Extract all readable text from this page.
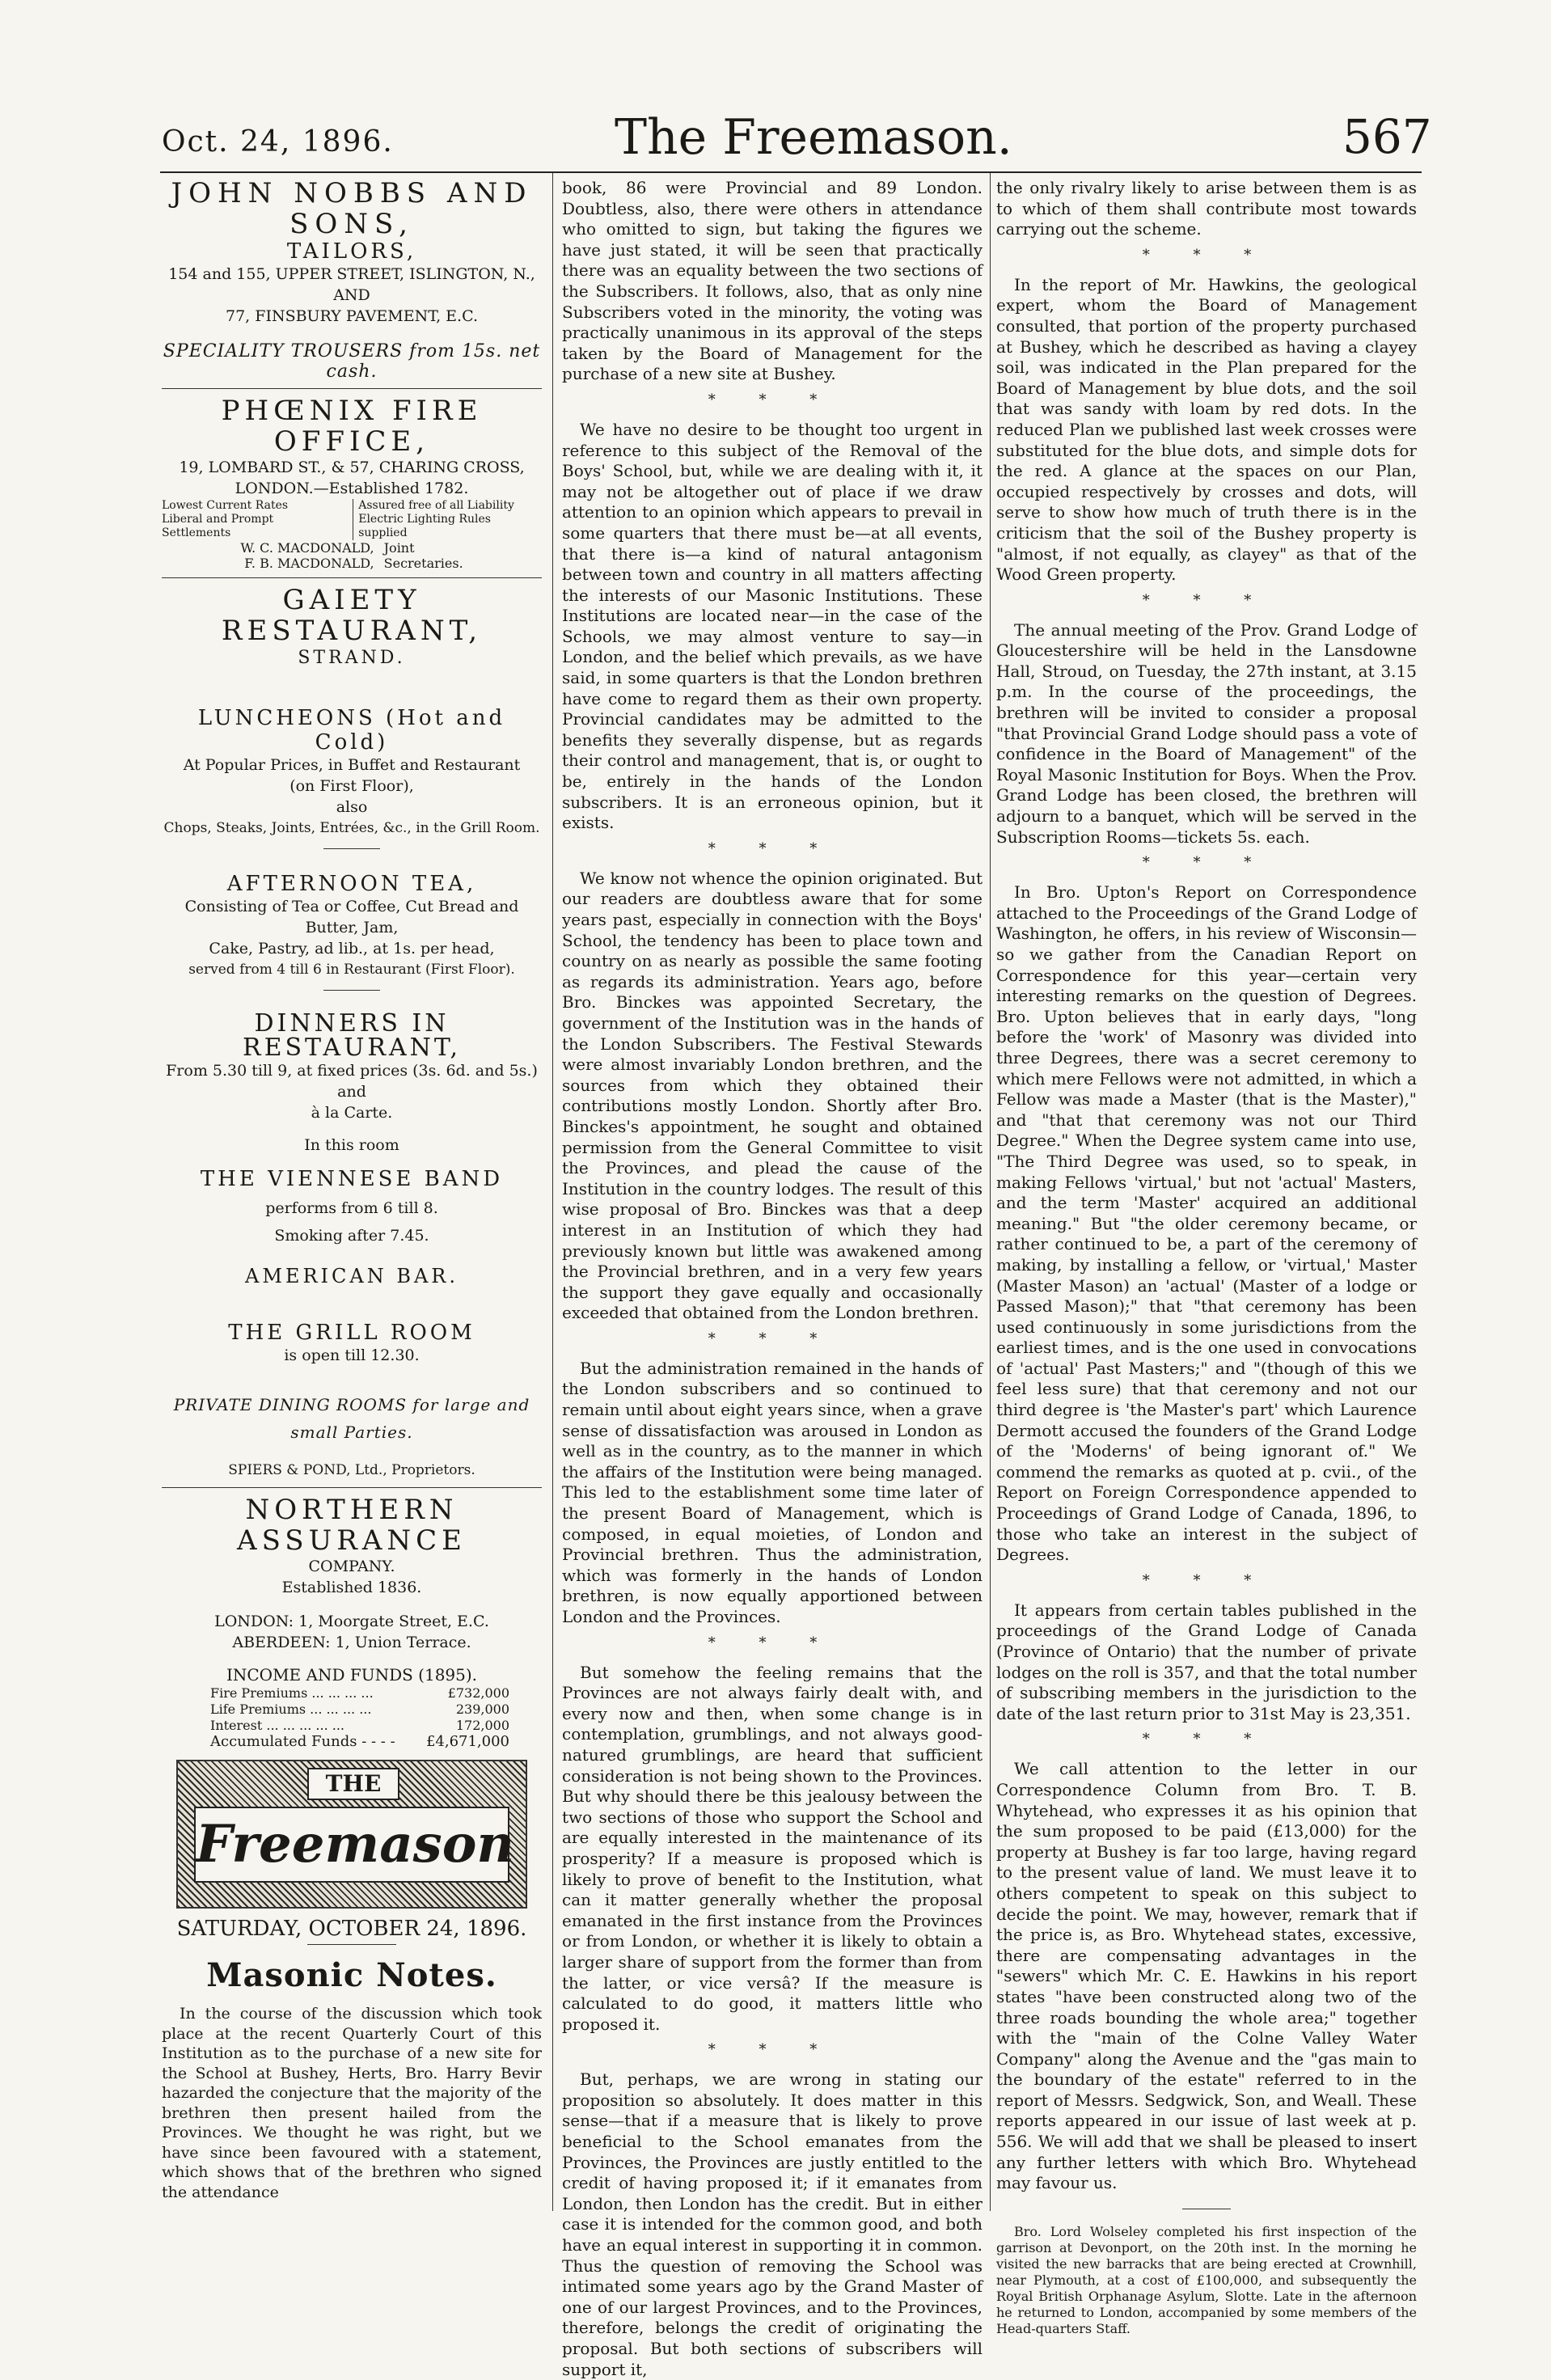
Oct. 24, 1896.	The Freemason.	567
JOHN NOBBS AND SONS,
TAILORS,
154 and 155, UPPER STREET, ISLINGTON, N.,
AND
77, FINSBURY PAVEMENT, E.C.
SPECIALITY TROUSERS from 15s. net cash.
PHŒNIX FIRE OFFICE,
19, LOMBARD ST., & 57, CHARING CROSS,
LONDON.—Established 1782.
Lowest Current Rates
Liberal and Prompt Settlements
Assured free of all Liability
Electric Lighting Rules supplied
W. C. MACDONALD,
F. B. MACDONALD,
Joint
Secretaries.
GAIETY RESTAURANT,
STRAND.
LUNCHEONS (Hot and Cold)
At Popular Prices, in Buffet and Restaurant
(on First Floor),
also
Chops, Steaks, Joints, Entrées, &c., in the Grill Room.
AFTERNOON TEA,
Consisting of Tea or Coffee, Cut Bread and Butter, Jam,
Cake, Pastry, ad lib., at 1s. per head,
served from 4 till 6 in Restaurant (First Floor).
DINNERS IN RESTAURANT,
From 5.30 till 9, at fixed prices (3s. 6d. and 5s.) and
à la Carte.
In this room
THE VIENNESE BAND
performs from 6 till 8.
Smoking after 7.45.
AMERICAN BAR.
THE GRILL ROOM
is open till 12.30.
PRIVATE DINING ROOMS for large and
small Parties.
SPIERS & POND, Ltd., Proprietors.
NORTHERN ASSURANCE
COMPANY.
Established 1836.
LONDON: 1, Moorgate Street, E.C.
ABERDEEN: 1, Union Terrace.
INCOME AND FUNDS (1895).
Fire Premiums ... ... ... ...	£732,000
Life Premiums ... ... ... ...	239,000
Interest ... ... ... ... ...	172,000
Accumulated Funds - - - - £4,671,000
THE
Freemason
SATURDAY, OCTOBER 24, 1896.
Masonic Notes.

In the course of the discussion which took place at the recent Quarterly Court of this Institution as to the purchase of a new site for the School at Bushey, Herts, Bro. Harry Bevir hazarded the conjecture that the majority of the brethren then present hailed from the Provinces. We thought he was right, but we have since been favoured with a statement, which shows that of the brethren who signed the attendance

book, 86 were Provincial and 89 London. Doubtless, also, there were others in attendance who omitted to sign, but taking the figures we have just stated, it will be seen that practically there was an equality between the two sections of the Subscribers. It follows, also, that as only nine Subscribers voted in the minority, the voting was practically unanimous in its approval of the steps taken by the Board of Management for the purchase of a new site at Bushey.

* * *

We have no desire to be thought too urgent in reference to this subject of the Removal of the Boys' School, but, while we are dealing with it, it may not be altogether out of place if we draw attention to an opinion which appears to prevail in some quarters that there must be—at all events, that there is—a kind of natural antagonism between town and country in all matters affecting the interests of our Masonic Institutions. These Institutions are located near—in the case of the Schools, we may almost venture to say—in London, and the belief which prevails, as we have said, in some quarters is that the London brethren have come to regard them as their own property. Provincial candidates may be admitted to the benefits they severally dispense, but as regards their control and management, that is, or ought to be, entirely in the hands of the London subscribers. It is an erroneous opinion, but it exists.

* * *

We know not whence the opinion originated. But our readers are doubtless aware that for some years past, especially in connection with the Boys' School, the tendency has been to place town and country on as nearly as possible the same footing as regards its administration. Years ago, before Bro. Binckes was appointed Secretary, the government of the Institution was in the hands of the London Subscribers. The Festival Stewards were almost invariably London brethren, and the sources from which they obtained their contributions mostly London. Shortly after Bro. Binckes's appointment, he sought and obtained permission from the General Committee to visit the Provinces, and plead the cause of the Institution in the country lodges. The result of this wise proposal of Bro. Binckes was that a deep interest in an Institution of which they had previously known but little was awakened among the Provincial brethren, and in a very few years the support they gave equally and occasionally exceeded that obtained from the London brethren.

* * *

But the administration remained in the hands of the London subscribers and so continued to remain until about eight years since, when a grave sense of dissatisfaction was aroused in London as well as in the country, as to the manner in which the affairs of the Institution were being managed. This led to the establishment some time later of the present Board of Management, which is composed, in equal moieties, of London and Provincial brethren. Thus the administration, which was formerly in the hands of London brethren, is now equally apportioned between London and the Provinces.

* * *

But somehow the feeling remains that the Provinces are not always fairly dealt with, and every now and then, when some change is in contemplation, grumblings, and not always good-natured grumblings, are heard that sufficient consideration is not being shown to the Provinces. But why should there be this jealousy between the two sections of those who support the School and are equally interested in the maintenance of its prosperity? If a measure is proposed which is likely to prove of benefit to the Institution, what can it matter generally whether the proposal emanated in the first instance from the Provinces or from London, or whether it is likely to obtain a larger share of support from the former than from the latter, or vice versâ? If the measure is calculated to do good, it matters little who proposed it.

* * *

But, perhaps, we are wrong in stating our proposition so absolutely. It does matter in this sense—that if a measure that is likely to prove beneficial to the School emanates from the Provinces, the Provinces are justly entitled to the credit of having proposed it; if it emanates from London, then London has the credit. But in either case it is intended for the common good, and both have an equal interest in supporting it in common. Thus the question of removing the School was intimated some years ago by the Grand Master of one of our largest Provinces, and to the Provinces, therefore, belongs the credit of originating the proposal. But both sections of subscribers will support it,

the only rivalry likely to arise between them is as to which of them shall contribute most towards carrying out the scheme.

* * *

In the report of Mr. Hawkins, the geological expert, whom the Board of Management consulted, that portion of the property purchased at Bushey, which he described as having a clayey soil, was indicated in the Plan prepared for the Board of Management by blue dots, and the soil that was sandy with loam by red dots. In the reduced Plan we published last week crosses were substituted for the blue dots, and simple dots for the red. A glance at the spaces on our Plan, occupied respectively by crosses and dots, will serve to show how much of truth there is in the criticism that the soil of the Bushey property is "almost, if not equally, as clayey" as that of the Wood Green property.

* * *

The annual meeting of the Prov. Grand Lodge of Gloucestershire will be held in the Lansdowne Hall, Stroud, on Tuesday, the 27th instant, at 3.15 p.m. In the course of the proceedings, the brethren will be invited to consider a proposal "that Provincial Grand Lodge should pass a vote of confidence in the Board of Management" of the Royal Masonic Institution for Boys. When the Prov. Grand Lodge has been closed, the brethren will adjourn to a banquet, which will be served in the Subscription Rooms—tickets 5s. each.

* * *

In Bro. Upton's Report on Correspondence attached to the Proceedings of the Grand Lodge of Washington, he offers, in his review of Wisconsin—so we gather from the Canadian Report on Correspondence for this year—certain very interesting remarks on the question of Degrees. Bro. Upton believes that in early days, "long before the 'work' of Masonry was divided into three Degrees, there was a secret ceremony to which mere Fellows were not admitted, in which a Fellow was made a Master (that is the Master)," and "that that ceremony was not our Third Degree." When the Degree system came into use, "The Third Degree was used, so to speak, in making Fellows 'virtual,' but not 'actual' Masters, and the term 'Master' acquired an additional meaning." But "the older ceremony became, or rather continued to be, a part of the ceremony of making, by installing a fellow, or 'virtual,' Master (Master Mason) an 'actual' (Master of a lodge or Passed Mason);" that "that ceremony has been used continuously in some jurisdictions from the earliest times, and is the one used in convocations of 'actual' Past Masters;" and "(though of this we feel less sure) that that ceremony and not our third degree is 'the Master's part' which Laurence Dermott accused the founders of the Grand Lodge of the 'Moderns' of being ignorant of." We commend the remarks as quoted at p. cvii., of the Report on Foreign Correspondence appended to Proceedings of Grand Lodge of Canada, 1896, to those who take an interest in the subject of Degrees.

* * *

It appears from certain tables published in the proceedings of the Grand Lodge of Canada (Province of Ontario) that the number of private lodges on the roll is 357, and that the total number of subscribing members in the jurisdiction to the date of the last return prior to 31st May is 23,351.

* * *

We call attention to the letter in our Correspondence Column from Bro. T. B. Whytehead, who expresses it as his opinion that the sum proposed to be paid (£13,000) for the property at Bushey is far too large, having regard to the present value of land. We must leave it to others competent to speak on this subject to decide the point. We may, however, remark that if the price is, as Bro. Whytehead states, excessive, there are compensating advantages in the "sewers" which Mr. C. E. Hawkins in his report states "have been constructed along two of the three roads bounding the whole area;" together with the "main of the Colne Valley Water Company" along the Avenue and the "gas main to the boundary of the estate" referred to in the report of Messrs. Sedgwick, Son, and Weall. These reports appeared in our issue of last week at p. 556. We will add that we shall be pleased to insert any further letters with which Bro. Whytehead may favour us.

Bro. Lord Wolseley completed his first inspection of the garrison at Devonport, on the 20th inst. In the morning he visited the new barracks that are being erected at Crownhill, near Plymouth, at a cost of £100,000, and subsequently the Royal British Orphanage Asylum, Slotte. Late in the afternoon he returned to London, accompanied by some members of the Head-quarters Staff.
